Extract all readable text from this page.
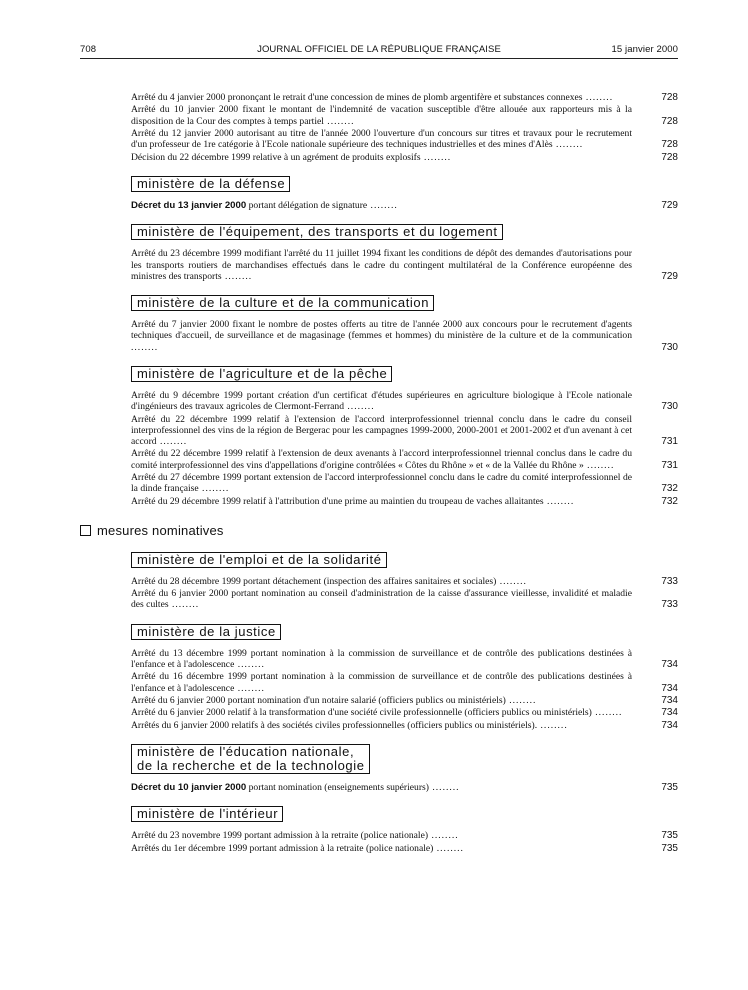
708	JOURNAL OFFICIEL DE LA RÉPUBLIQUE FRANÇAISE	15 janvier 2000
Arrêté du 4 janvier 2000 prononçant le retrait d'une concession de mines de plomb argentifère et substances connexes ........	728
Arrêté du 10 janvier 2000 fixant le montant de l'indemnité de vacation susceptible d'être allouée aux rapporteurs mis à la disposition de la Cour des comptes à temps partiel ........	728
Arrêté du 12 janvier 2000 autorisant au titre de l'année 2000 l'ouverture d'un concours sur titres et travaux pour le recrutement d'un professeur de 1re catégorie à l'Ecole nationale supérieure des techniques industrielles et des mines d'Alès ........	728
Décision du 22 décembre 1999 relative à un agrément de produits explosifs ........	728
ministère de la défense
Décret du 13 janvier 2000 portant délégation de signature ........	729
ministère de l'équipement, des transports et du logement
Arrêté du 23 décembre 1999 modifiant l'arrêté du 11 juillet 1994 fixant les conditions de dépôt des demandes d'autorisations pour les transports routiers de marchandises effectués dans le cadre du contingent multilatéral de la Conférence européenne des ministres des transports ........	729
ministère de la culture et de la communication
Arrêté du 7 janvier 2000 fixant le nombre de postes offerts au titre de l'année 2000 aux concours pour le recrutement d'agents techniques d'accueil, de surveillance et de magasinage (femmes et hommes) du ministère de la culture et de la communication ........	730
ministère de l'agriculture et de la pêche
Arrêté du 9 décembre 1999 portant création d'un certificat d'études supérieures en agriculture biologique à l'Ecole nationale d'ingénieurs des travaux agricoles de Clermont-Ferrand ........	730
Arrêté du 22 décembre 1999 relatif à l'extension de l'accord interprofessionnel triennal conclu dans le cadre du conseil interprofessionnel des vins de la région de Bergerac pour les campagnes 1999-2000, 2000-2001 et 2001-2002 et d'un avenant à cet accord ........	731
Arrêté du 22 décembre 1999 relatif à l'extension de deux avenants à l'accord interprofessionnel triennal conclus dans le cadre du comité interprofessionnel des vins d'appellations d'origine contrôlées « Côtes du Rhône » et « de la Vallée du Rhône » ........	731
Arrêté du 27 décembre 1999 portant extension de l'accord interprofessionnel conclu dans le cadre du comité interprofessionnel de la dinde française ........	732
Arrêté du 29 décembre 1999 relatif à l'attribution d'une prime au maintien du troupeau de vaches allaitantes ........	732
mesures nominatives
ministère de l'emploi et de la solidarité
Arrêté du 28 décembre 1999 portant détachement (inspection des affaires sanitaires et sociales) ........	733
Arrêté du 6 janvier 2000 portant nomination au conseil d'administration de la caisse d'assurance vieillesse, invalidité et maladie des cultes ........	733
ministère de la justice
Arrêté du 13 décembre 1999 portant nomination à la commission de surveillance et de contrôle des publications destinées à l'enfance et à l'adolescence ........	734
Arrêté du 16 décembre 1999 portant nomination à la commission de surveillance et de contrôle des publications destinées à l'enfance et à l'adolescence ........	734
Arrêté du 6 janvier 2000 portant nomination d'un notaire salarié (officiers publics ou ministériels) ........	734
Arrêté du 6 janvier 2000 relatif à la transformation d'une société civile professionnelle (officiers publics ou ministériels) ........	734
Arrêtés du 6 janvier 2000 relatifs à des sociétés civiles professionnelles (officiers publics ou ministériels). ........	734
ministère de l'éducation nationale,
de la recherche et de la technologie
Décret du 10 janvier 2000 portant nomination (enseignements supérieurs) ........	735
ministère de l'intérieur
Arrêté du 23 novembre 1999 portant admission à la retraite (police nationale) ........	735
Arrêtés du 1er décembre 1999 portant admission à la retraite (police nationale) ........	735
